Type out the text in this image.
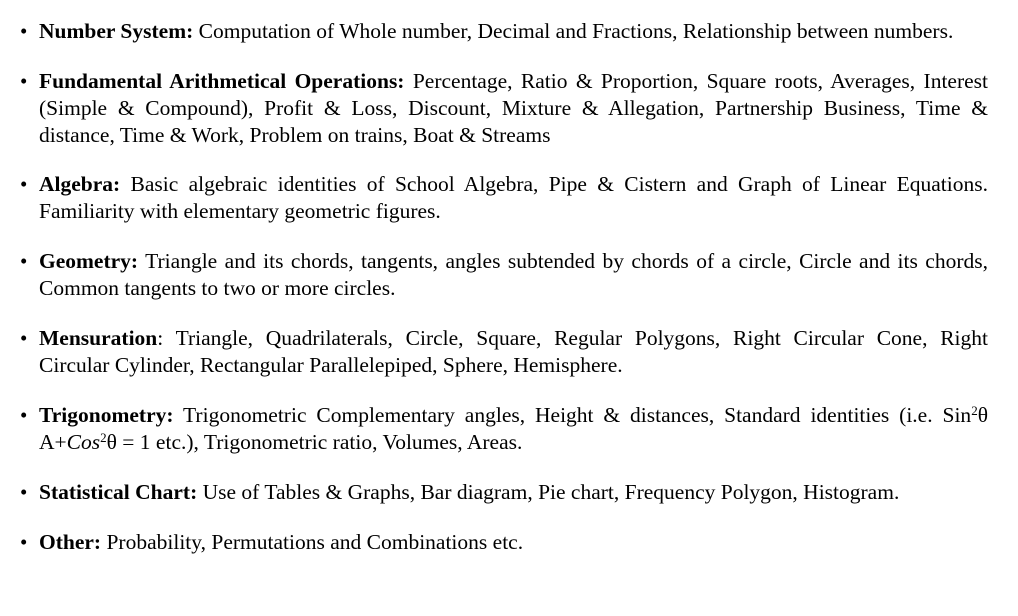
• Number System: Computation of Whole number, Decimal and Fractions, Relationship between numbers.
• Fundamental Arithmetical Operations: Percentage, Ratio & Proportion, Square roots, Averages, Interest (Simple & Compound), Profit & Loss, Discount, Mixture & Allegation, Partnership Business, Time & distance, Time & Work, Problem on trains, Boat & Streams
• Algebra: Basic algebraic identities of School Algebra, Pipe & Cistern and Graph of Linear Equations. Familiarity with elementary geometric figures.
• Geometry: Triangle and its chords, tangents, angles subtended by chords of a circle, Circle and its chords, Common tangents to two or more circles.
• Mensuration: Triangle, Quadrilaterals, Circle, Square, Regular Polygons, Right Circular Cone, Right Circular Cylinder, Rectangular Parallelepiped, Sphere, Hemisphere.
• Trigonometry: Trigonometric Complementary angles, Height & distances, Standard identities (i.e. Sin$^2$θ A+Cos$^2$θ = 1 etc.), Trigonometric ratio, Volumes, Areas.
• Statistical Chart: Use of Tables & Graphs, Bar diagram, Pie chart, Frequency Polygon, Histogram.
• Other: Probability, Permutations and Combinations etc.
